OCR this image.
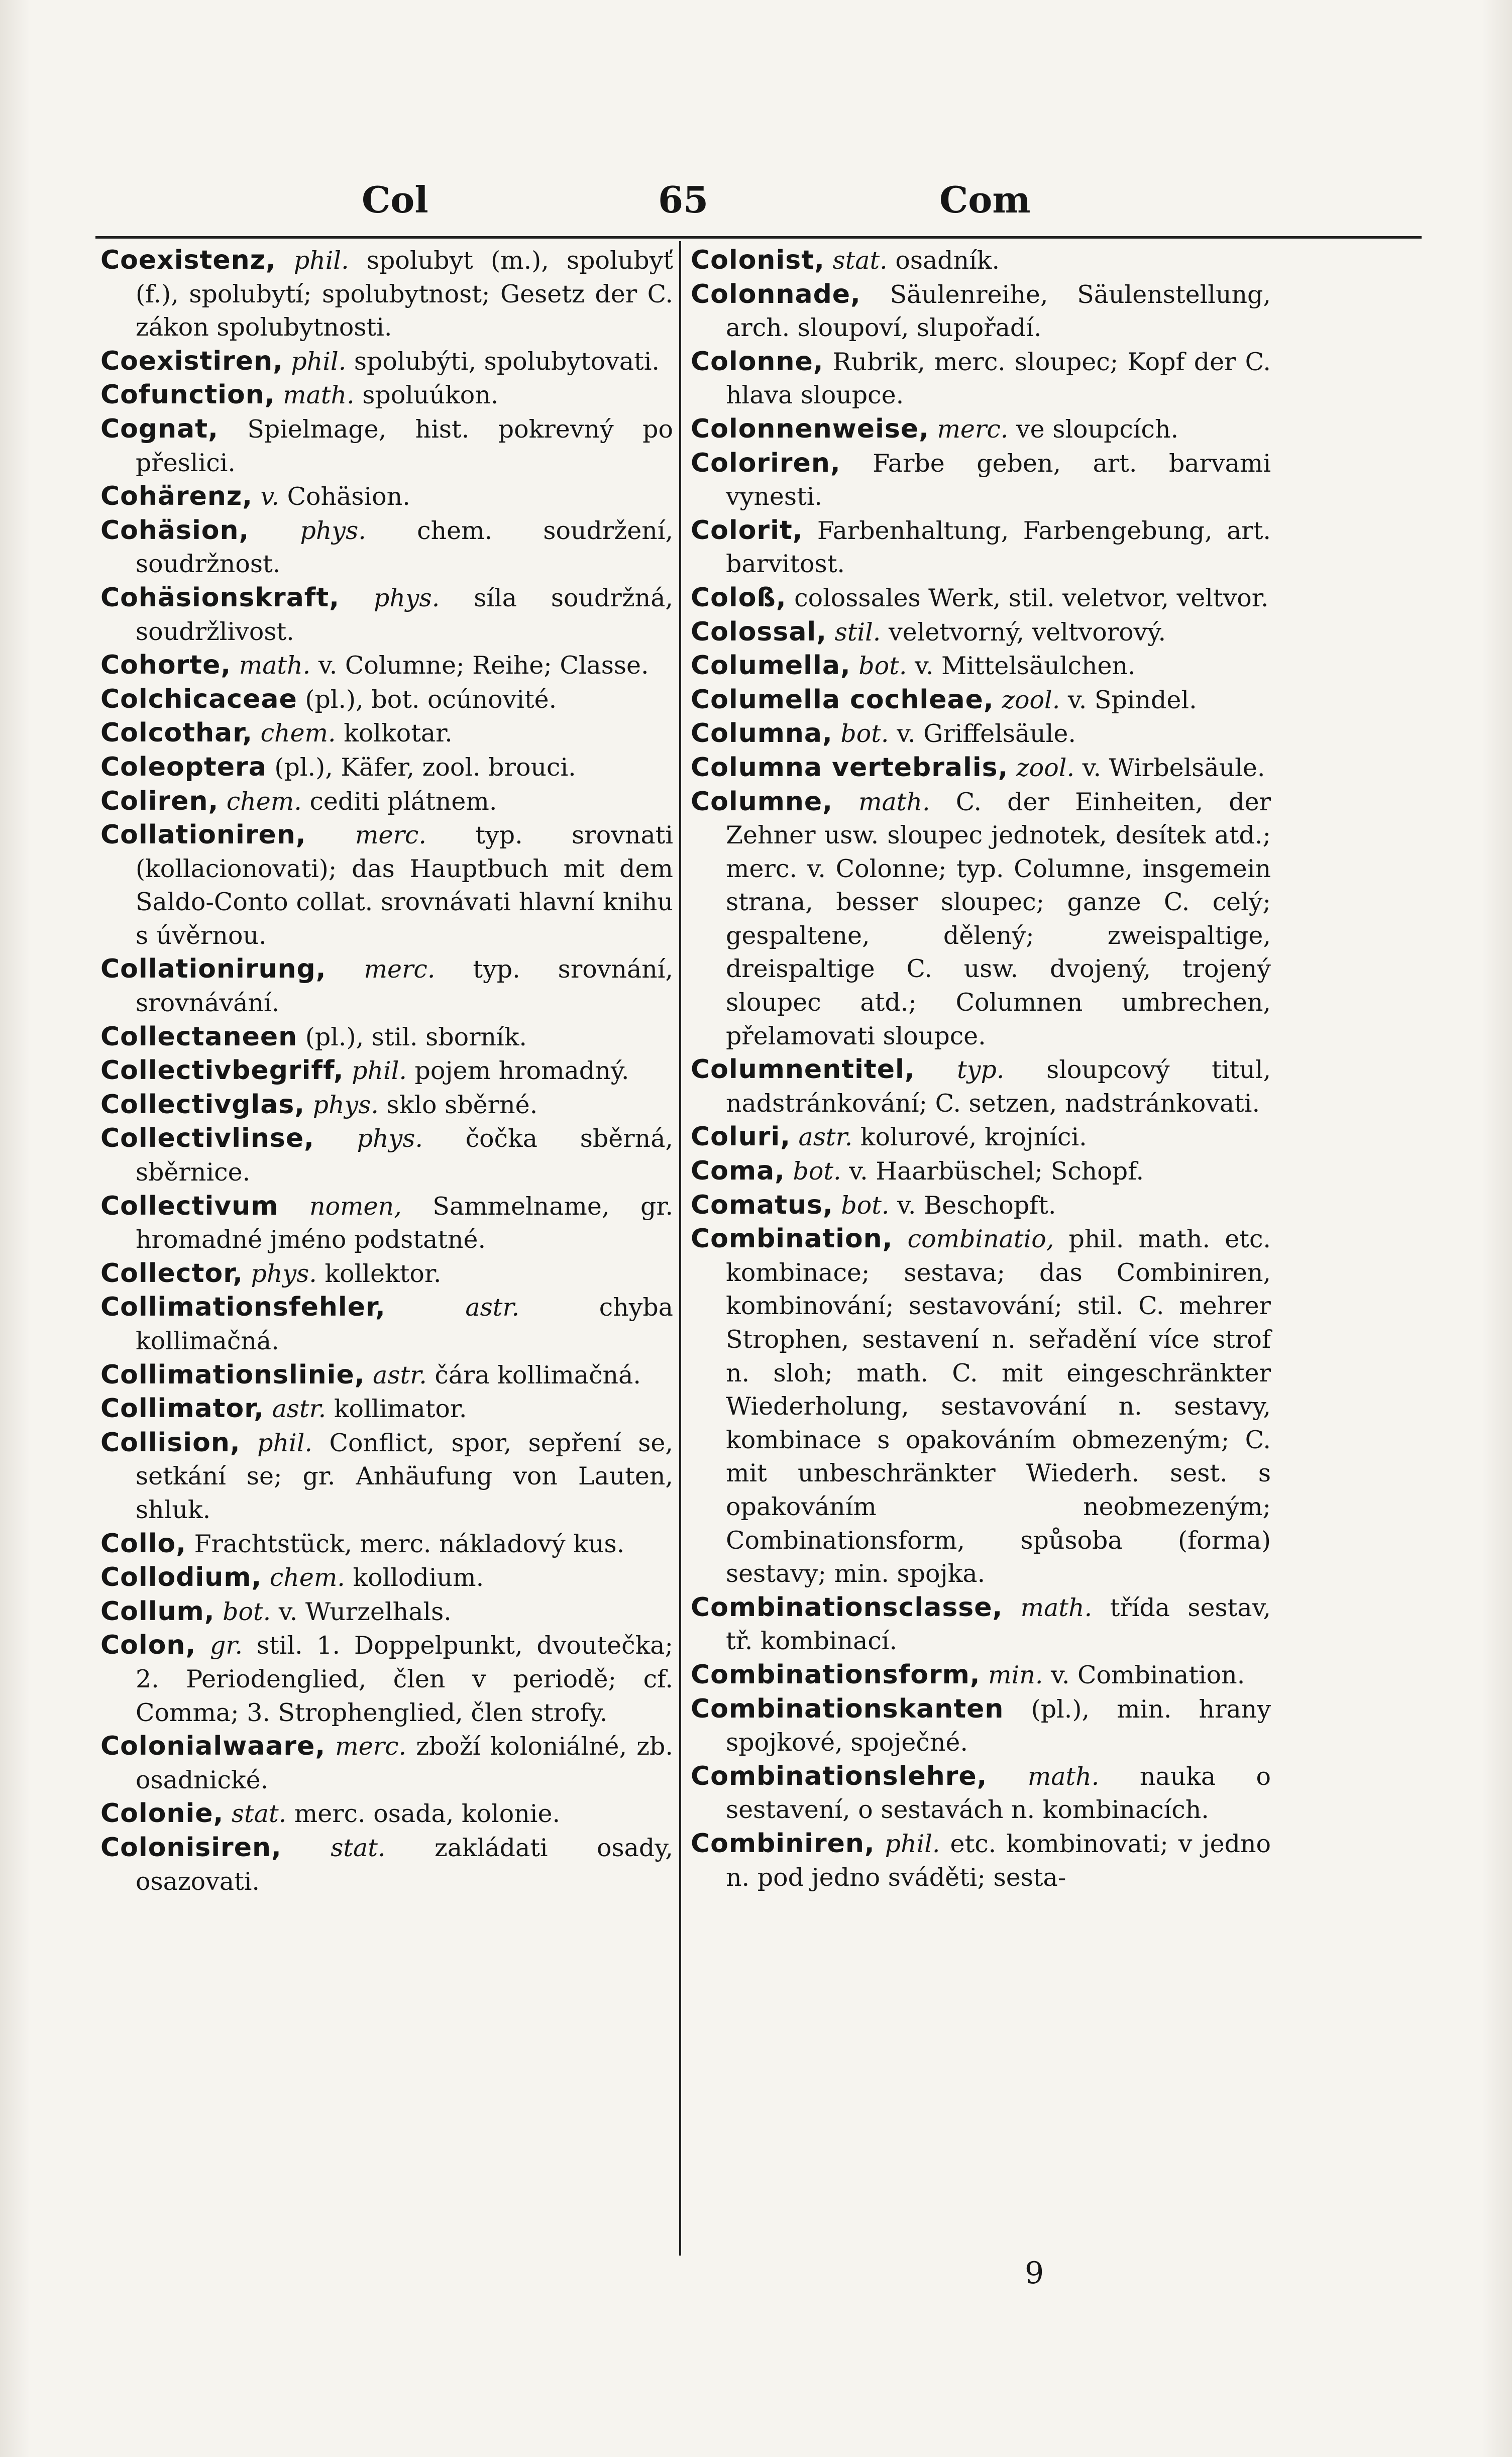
Col	65	Com

Coexistenz, phil. spolubyt (m.), spolubyť (f.), spolubytí; spolubytnost; Gesetz der C. zákon spolubytnosti.

Coexistiren, phil. spolubýti, spolubytovati.

Cofunction, math. spoluúkon.

Cognat, Spielmage, hist. pokrevný po přeslici.

Cohärenz, v. Cohäsion.

Cohäsion, phys. chem. soudržení, soudržnost.

Cohäsionskraft, phys. síla soudržná, soudržlivost.

Cohorte, math. v. Columne; Reihe; Classe.

Colchicaceae (pl.), bot. ocúnovité.

Colcothar, chem. kolkotar.

Coleoptera (pl.), Käfer, zool. brouci.

Coliren, chem. cediti plátnem.

Collationiren, merc. typ. srovnati (kollacionovati); das Hauptbuch mit dem Saldo-Conto collat. srovnávati hlavní knihu s úvěrnou.

Collationirung, merc. typ. srovnání, srovnávání.

Collectaneen (pl.), stil. sborník.

Collectivbegriff, phil. pojem hromadný.

Collectivglas, phys. sklo sběrné.

Collectivlinse, phys. čočka sběrná, sběrnice.

Collectivum nomen, Sammelname, gr. hromadné jméno podstatné.

Collector, phys. kollektor.

Collimationsfehler,	astr.	chyba kollimačná.

Collimationslinie, astr. čára kollimačná.

Collimator, astr. kollimator.

Collision, phil. Conflict, spor, sepření se, setkání se; gr. Anhäufung von Lauten, shluk.

Collo, Frachtstück, merc. nákladový kus.

Collodium, chem. kollodium.

Collum, bot. v. Wurzelhals.

Colon, gr. stil. 1. Doppelpunkt, dvoutečka; 2. Periodenglied, člen v periodě; cf. Comma; 3. Strophenglied, člen strofy.

Colonialwaare, merc. zboží koloniálné, zb. osadnické.

Colonie, stat. merc. osada, kolonie.

Colonisiren, stat. zakládati osady, osazovati.

Colonist, stat. osadník.

Colonnade, Säulenreihe, Säulenstellung, arch. sloupoví, slupořadí.

Colonne, Rubrik, merc. sloupec; Kopf der C. hlava sloupce.

Colonnenweise, merc. ve sloupcích.

Coloriren, Farbe geben, art. barvami vynesti.

Colorit, Farbenhaltung, Farbengebung, art. barvitost.

Coloß, colossales Werk, stil. veletvor, veltvor.

Colossal, stil. veletvorný, veltvorový.

Columella, bot. v. Mittelsäulchen.

Columella cochleae, zool. v. Spindel.

Columna, bot. v. Griffelsäule.

Columna vertebralis, zool. v. Wirbelsäule.

Columne, math. C. der Einheiten, der Zehner usw. sloupec jednotek, desítek atd.; merc. v. Colonne; typ. Columne, insgemein strana, besser sloupec; ganze C. celý; gespaltene, dělený; zweispaltige, dreispaltige C. usw. dvojený, trojený sloupec atd.; Columnen umbrechen, přelamovati sloupce.

Columnentitel, typ. sloupcový titul, nadstránkování; C. setzen, nadstránkovati.

Coluri, astr. kolurové, krojníci.

Coma, bot. v. Haarbüschel; Schopf.

Comatus, bot. v. Beschopft.

Combination, combinatio, phil. math. etc. kombinace; sestava; das Combiniren, kombinování; sestavování; stil. C. mehrer Strophen, sestavení n. seřadění více strof n. sloh; math. C. mit eingeschränkter Wiederholung, sestavování n. sestavy, kombinace s opakováním obmezeným; C. mit unbeschränkter Wiederh. sest. s opakováním neobmezeným; Combinationsform, spůsoba (forma) sestavy; min. spojka.

Combinationsclasse, math. třída sestav, tř. kombinací.

Combinationsform, min. v. Combination.

Combinationskanten (pl.), min. hrany spojkové, spoječné.

Combinationslehre, math. nauka o sestavení, o sestavách n. kombinacích.

Combiniren, phil. etc. kombinovati; v jedno n. pod jedno sváděti; sesta-

9
